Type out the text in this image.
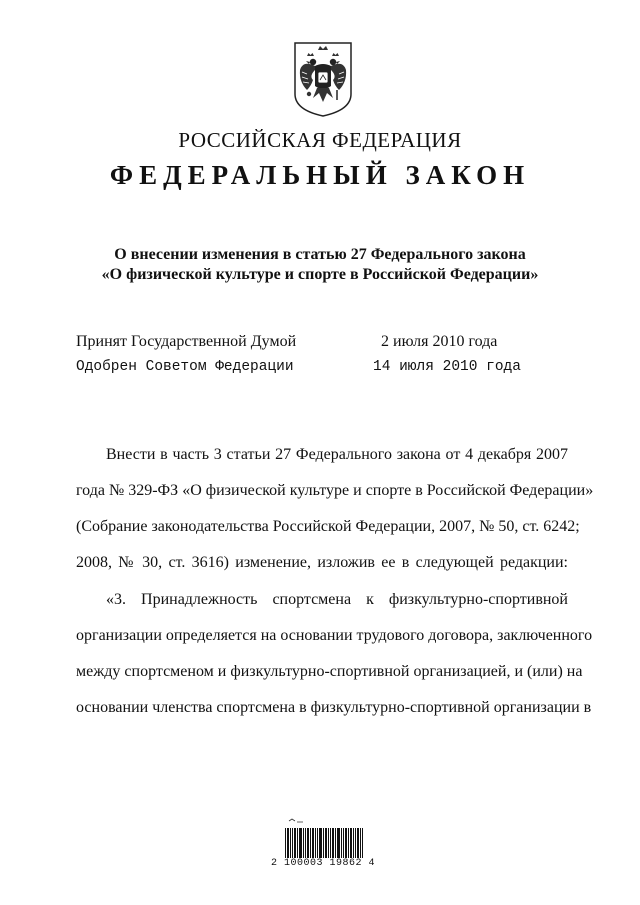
РОССИЙСКАЯ ФЕДЕРАЦИЯ
ФЕДЕРАЛЬНЫЙ ЗАКОН
О внесении изменения в статью 27 Федерального закона
«О физической культуре и спорте в Российской Федерации»
Принят Государственной Думой	2 июля 2010 года
Одобрен Советом Федерации	14 июля 2010 года
Внести в часть 3 статьи 27 Федерального закона от 4 декабря 2007
года № 329-ФЗ «О физической культуре и спорте в Российской Федерации»
(Собрание законодательства Российской Федерации, 2007, № 50, ст. 6242;
2008, № 30, ст. 3616) изменение, изложив ее в следующей редакции:
«3. Принадлежность спортсмена к физкультурно-спортивной
организации определяется на основании трудового договора, заключенного
между спортсменом и физкультурно-спортивной организацией, и (или) на
основании членства спортсмена в физкультурно-спортивной организации в
2 100003 19862 4
